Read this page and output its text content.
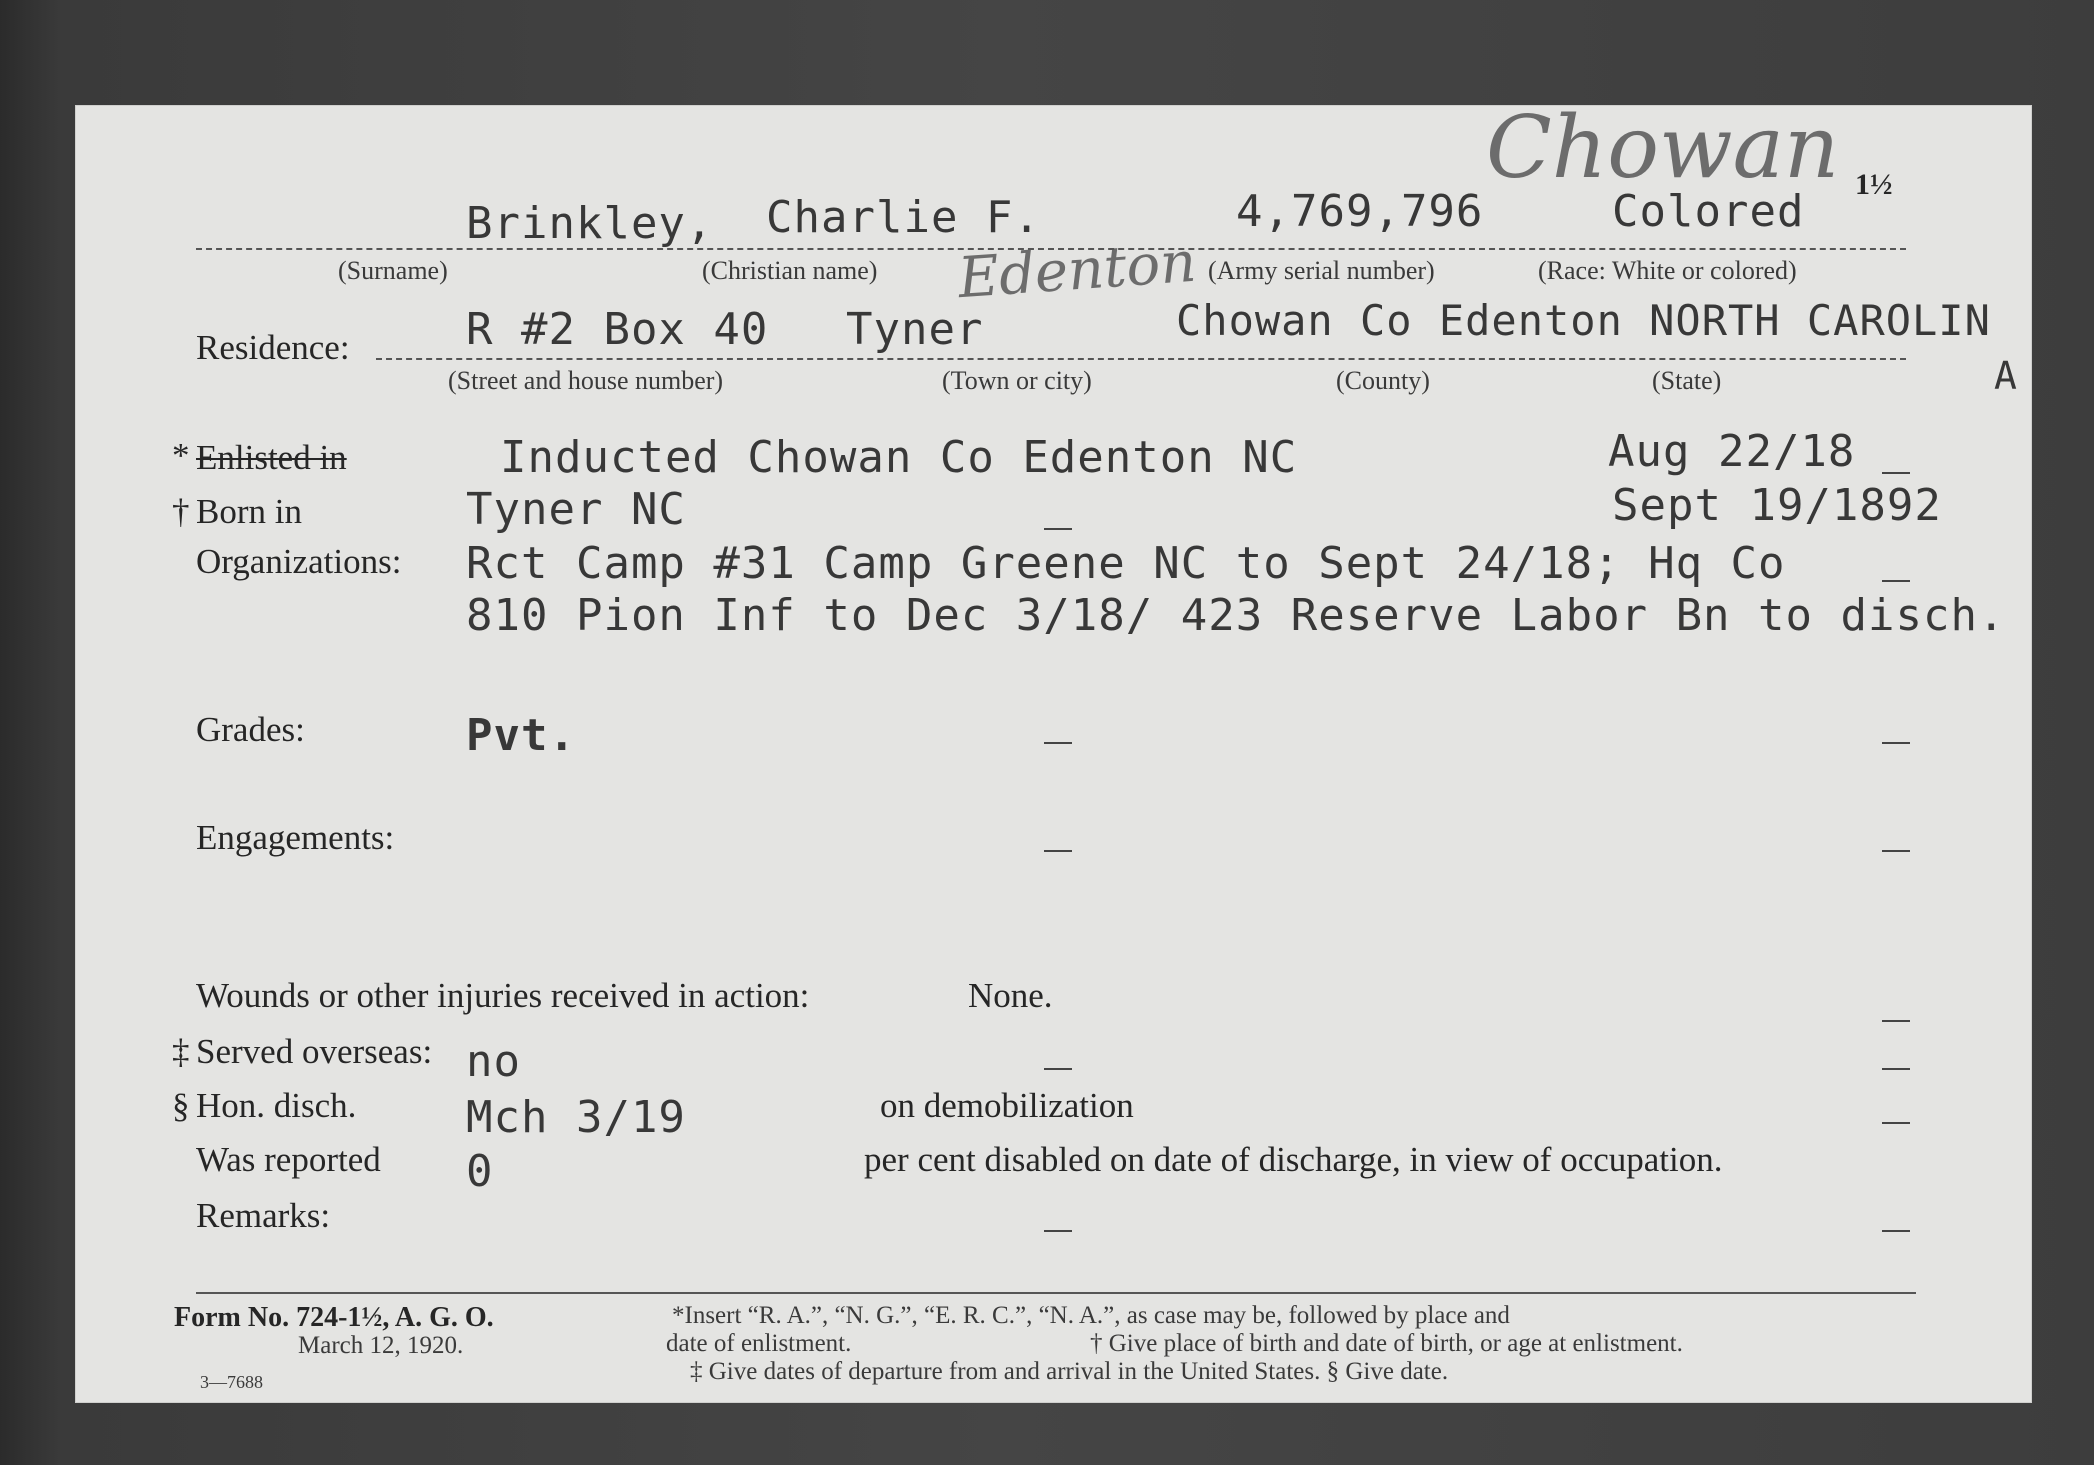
Chowan
Edenton
1½
Brinkley, Charlie F.	4,769,796	Colored
(Surname)	(Christian name)	(Army serial number)	(Race: White or colored)
Residence:	R #2 Box 40 Tyner	Chowan Co Edenton NORTH CAROLIN
A
(Street and house number)	(Town or city)	(County)	(State)
* Enlisted in	Inducted Chowan Co Edenton NC	Aug 22/18
† Born in	Tyner NC	Sept 19/1892
Organizations: Rct Camp #31 Camp Greene NC to Sept 24/18; Hq Co
810 Pion Inf to Dec 3/18/ 423 Reserve Labor Bn to disch.
Grades:	Pvt.
Engagements:
Wounds or other injuries received in action:	None.
‡ Served overseas: no
§ Hon. disch. Mch 3/19	on demobilization
Was reported 0	per cent disabled on date of discharge, in view of occupation.
Remarks:
Form No. 724-1½, A. G. O.
March 12, 1920.
3—7688
*Insert “R. A.”, “N. G.”, “E. R. C.”, “N. A.”, as case may be, followed by place and
date of enlistment.	† Give place of birth and date of birth, or age at enlistment.
‡ Give dates of departure from and arrival in the United States. § Give date.
